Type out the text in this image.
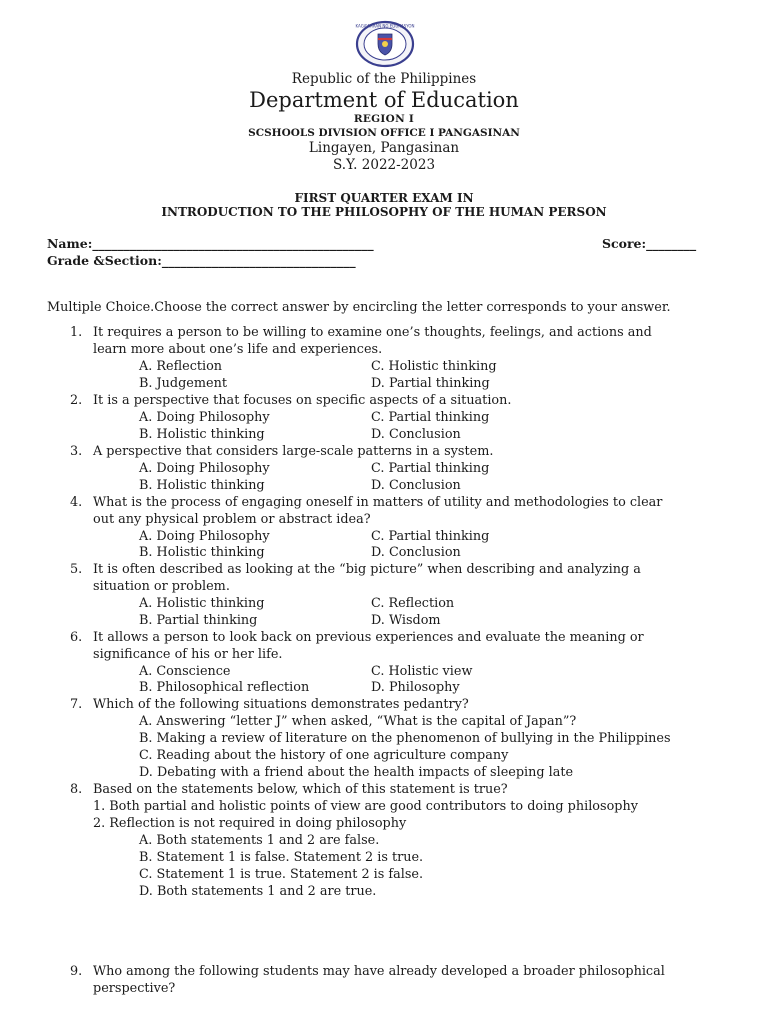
KAGAWARAN NG EDUKASYON
Republic of the Philippines
Department of Education
REGION I
SCSHOOLS DIVISION OFFICE I PANGASINAN
Lingayen, Pangasinan
S.Y. 2022-2023
FIRST QUARTER EXAM IN
INTRODUCTION TO THE PHILOSOPHY OF THE HUMAN PERSON
Name:_____________________________________________	Score:________
Grade &Section:_______________________________
Multiple Choice.Choose the correct answer by encircling the letter corresponds to your answer.
1. It requires a person to be willing to examine one’s thoughts, feelings, and actions and
learn more about one’s life and experiences.
A. Reflection	C. Holistic thinking
B. Judgement	D. Partial thinking
2. It is a perspective that focuses on specific aspects of a situation.
A. Doing Philosophy	C. Partial thinking
B. Holistic thinking	D. Conclusion
3. A perspective that considers large-scale patterns in a system.
A. Doing Philosophy	C. Partial thinking
B. Holistic thinking	D. Conclusion
4. What is the process of engaging oneself in matters of utility and methodologies to clear
out any physical problem or abstract idea?
A. Doing Philosophy	C. Partial thinking
B. Holistic thinking	D. Conclusion
5. It is often described as looking at the “big picture” when describing and analyzing a
situation or problem.
A. Holistic thinking	C. Reflection
B. Partial thinking	D. Wisdom
6. It allows a person to look back on previous experiences and evaluate the meaning or
significance of his or her life.
A. Conscience	C. Holistic view
B. Philosophical reflection	D. Philosophy
7. Which of the following situations demonstrates pedantry?
A. Answering “letter J” when asked, “What is the capital of Japan”?
B. Making a review of literature on the phenomenon of bullying in the Philippines
C. Reading about the history of one agriculture company
D. Debating with a friend about the health impacts of sleeping late
8. Based on the statements below, which of this statement is true?
1. Both partial and holistic points of view are good contributors to doing philosophy
2. Reflection is not required in doing philosophy
A. Both statements 1 and 2 are false.
B. Statement 1 is false. Statement 2 is true.
C. Statement 1 is true. Statement 2 is false.
D. Both statements 1 and 2 are true.
9. Who among the following students may have already developed a broader philosophical
perspective?
